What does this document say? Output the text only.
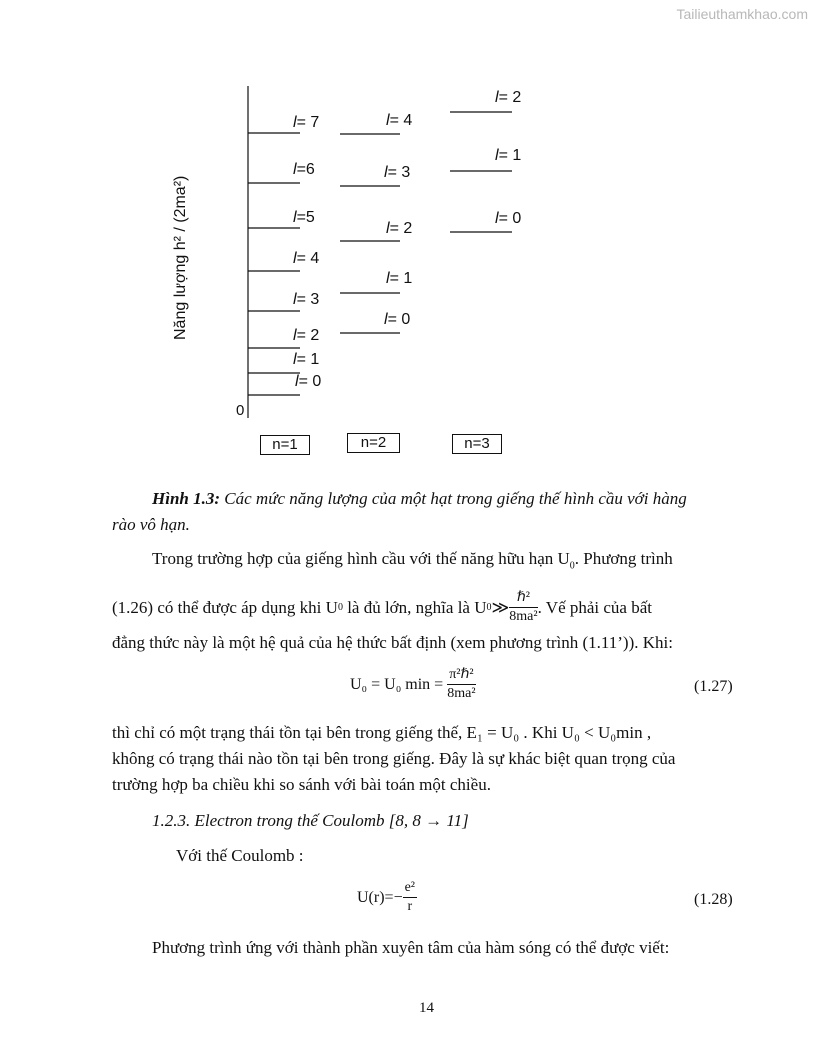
Tailieuthamkhao.com
Năng lượng h² / (2ma²)
0
l= 7
l=6
l=5
l= 4
l= 3
l= 2
l= 1
l= 0
l= 4
l= 3
l= 2
l= 1
l= 0
l= 2
l= 1
l= 0
n=1	n=2	n=3
Hình 1.3: Các mức năng lượng của một hạt trong giếng thế hình cầu với hàng
rào vô hạn.
Trong trường hợp của giếng hình cầu với thế năng hữu hạn $U_0$. Phương trình
(1.26) có thể được áp dụng khi U 0
là đủ lớn, nghĩa là U 0 ≫ $\frac{\text{ℏ²}}{\text{8ma²}}$ . Vế phải của bất
đẳng thức này là một hệ quả của hệ thức bất định (xem phương trình (1.11’)). Khi:
U₀ = U₀ min =
$\frac{\text{π²ℏ²}}{\text{8ma²}}$	(1.27)
thì chỉ có một trạng thái tồn tại bên trong giếng thế, E₁ = U₀ . Khi U₀ < U₀min ,
không có trạng thái nào tồn tại bên trong giếng. Đây là sự khác biệt quan trọng của
trường hợp ba chiều khi so sánh với bài toán một chiều.
1.2.3. Electron trong thế Coulomb [8, 8 → 11]
Với thế Coulomb :
$U(r)=- \frac{\text{e²}}{r}$	(1.28)
Phương trình ứng với thành phần xuyên tâm của hàm sóng có thể được viết:
14
